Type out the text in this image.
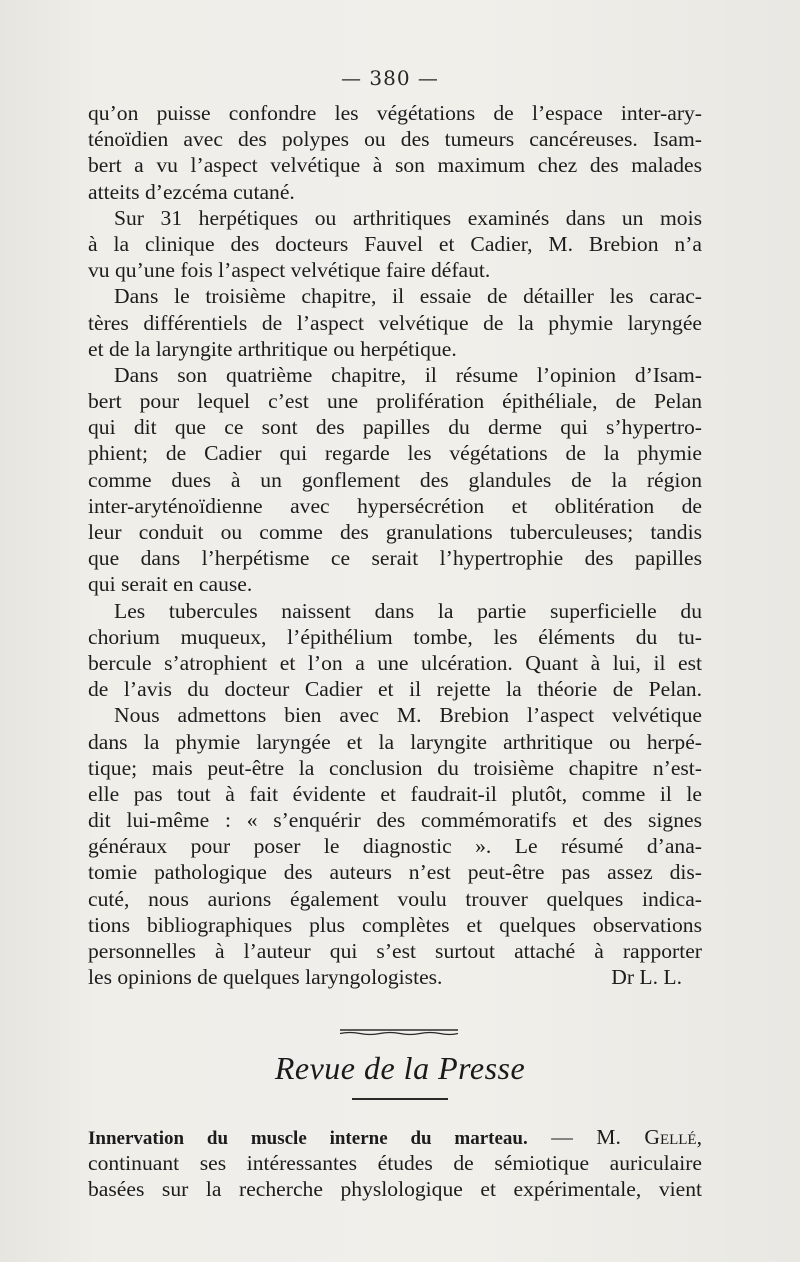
— 380 —
qu’on puisse confondre les végétations de l’espace inter-ary-
ténoïdien avec des polypes ou des tumeurs cancéreuses. Isam-
bert a vu l’aspect velvétique à son maximum chez des malades
atteits d’ezcéma cutané.
Sur 31 herpétiques ou arthritiques examinés dans un mois
à la clinique des docteurs Fauvel et Cadier, M. Brebion n’a
vu qu’une fois l’aspect velvétique faire défaut.
Dans le troisième chapitre, il essaie de détailler les carac-
tères différentiels de l’aspect velvétique de la phymie laryngée
et de la laryngite arthritique ou herpétique.
Dans son quatrième chapitre, il résume l’opinion d’Isam-
bert pour lequel c’est une prolifération épithéliale, de Pelan
qui dit que ce sont des papilles du derme qui s’hypertro-
phient; de Cadier qui regarde les végétations de la phymie
comme dues à un gonflement des glandules de la région
inter-aryténoïdienne avec hypersécrétion et oblitération de
leur conduit ou comme des granulations tuberculeuses; tandis
que dans l’herpétisme ce serait l’hypertrophie des papilles
qui serait en cause.
Les tubercules naissent dans la partie superficielle du
chorium muqueux, l’épithélium tombe, les éléments du tu-
bercule s’atrophient et l’on a une ulcération. Quant à lui, il est
de l’avis du docteur Cadier et il rejette la théorie de Pelan.
Nous admettons bien avec M. Brebion l’aspect velvétique
dans la phymie laryngée et la laryngite arthritique ou herpé-
tique; mais peut-être la conclusion du troisième chapitre n’est-
elle pas tout à fait évidente et faudrait-il plutôt, comme il le
dit lui-même : « s’enquérir des commémoratifs et des signes
généraux pour poser le diagnostic ». Le résumé d’ana-
tomie pathologique des auteurs n’est peut-être pas assez dis-
cuté, nous aurions également voulu trouver quelques indica-
tions bibliographiques plus complètes et quelques observations
personnelles à l’auteur qui s’est surtout attaché à rapporter
les opinions de quelques laryngologistes.	Dr L. L.
Revue de la Presse
Innervation du muscle interne du marteau. — M. Gellé,
continuant ses intéressantes études de sémiotique auriculaire
basées sur la recherche physlologique et expérimentale, vient
